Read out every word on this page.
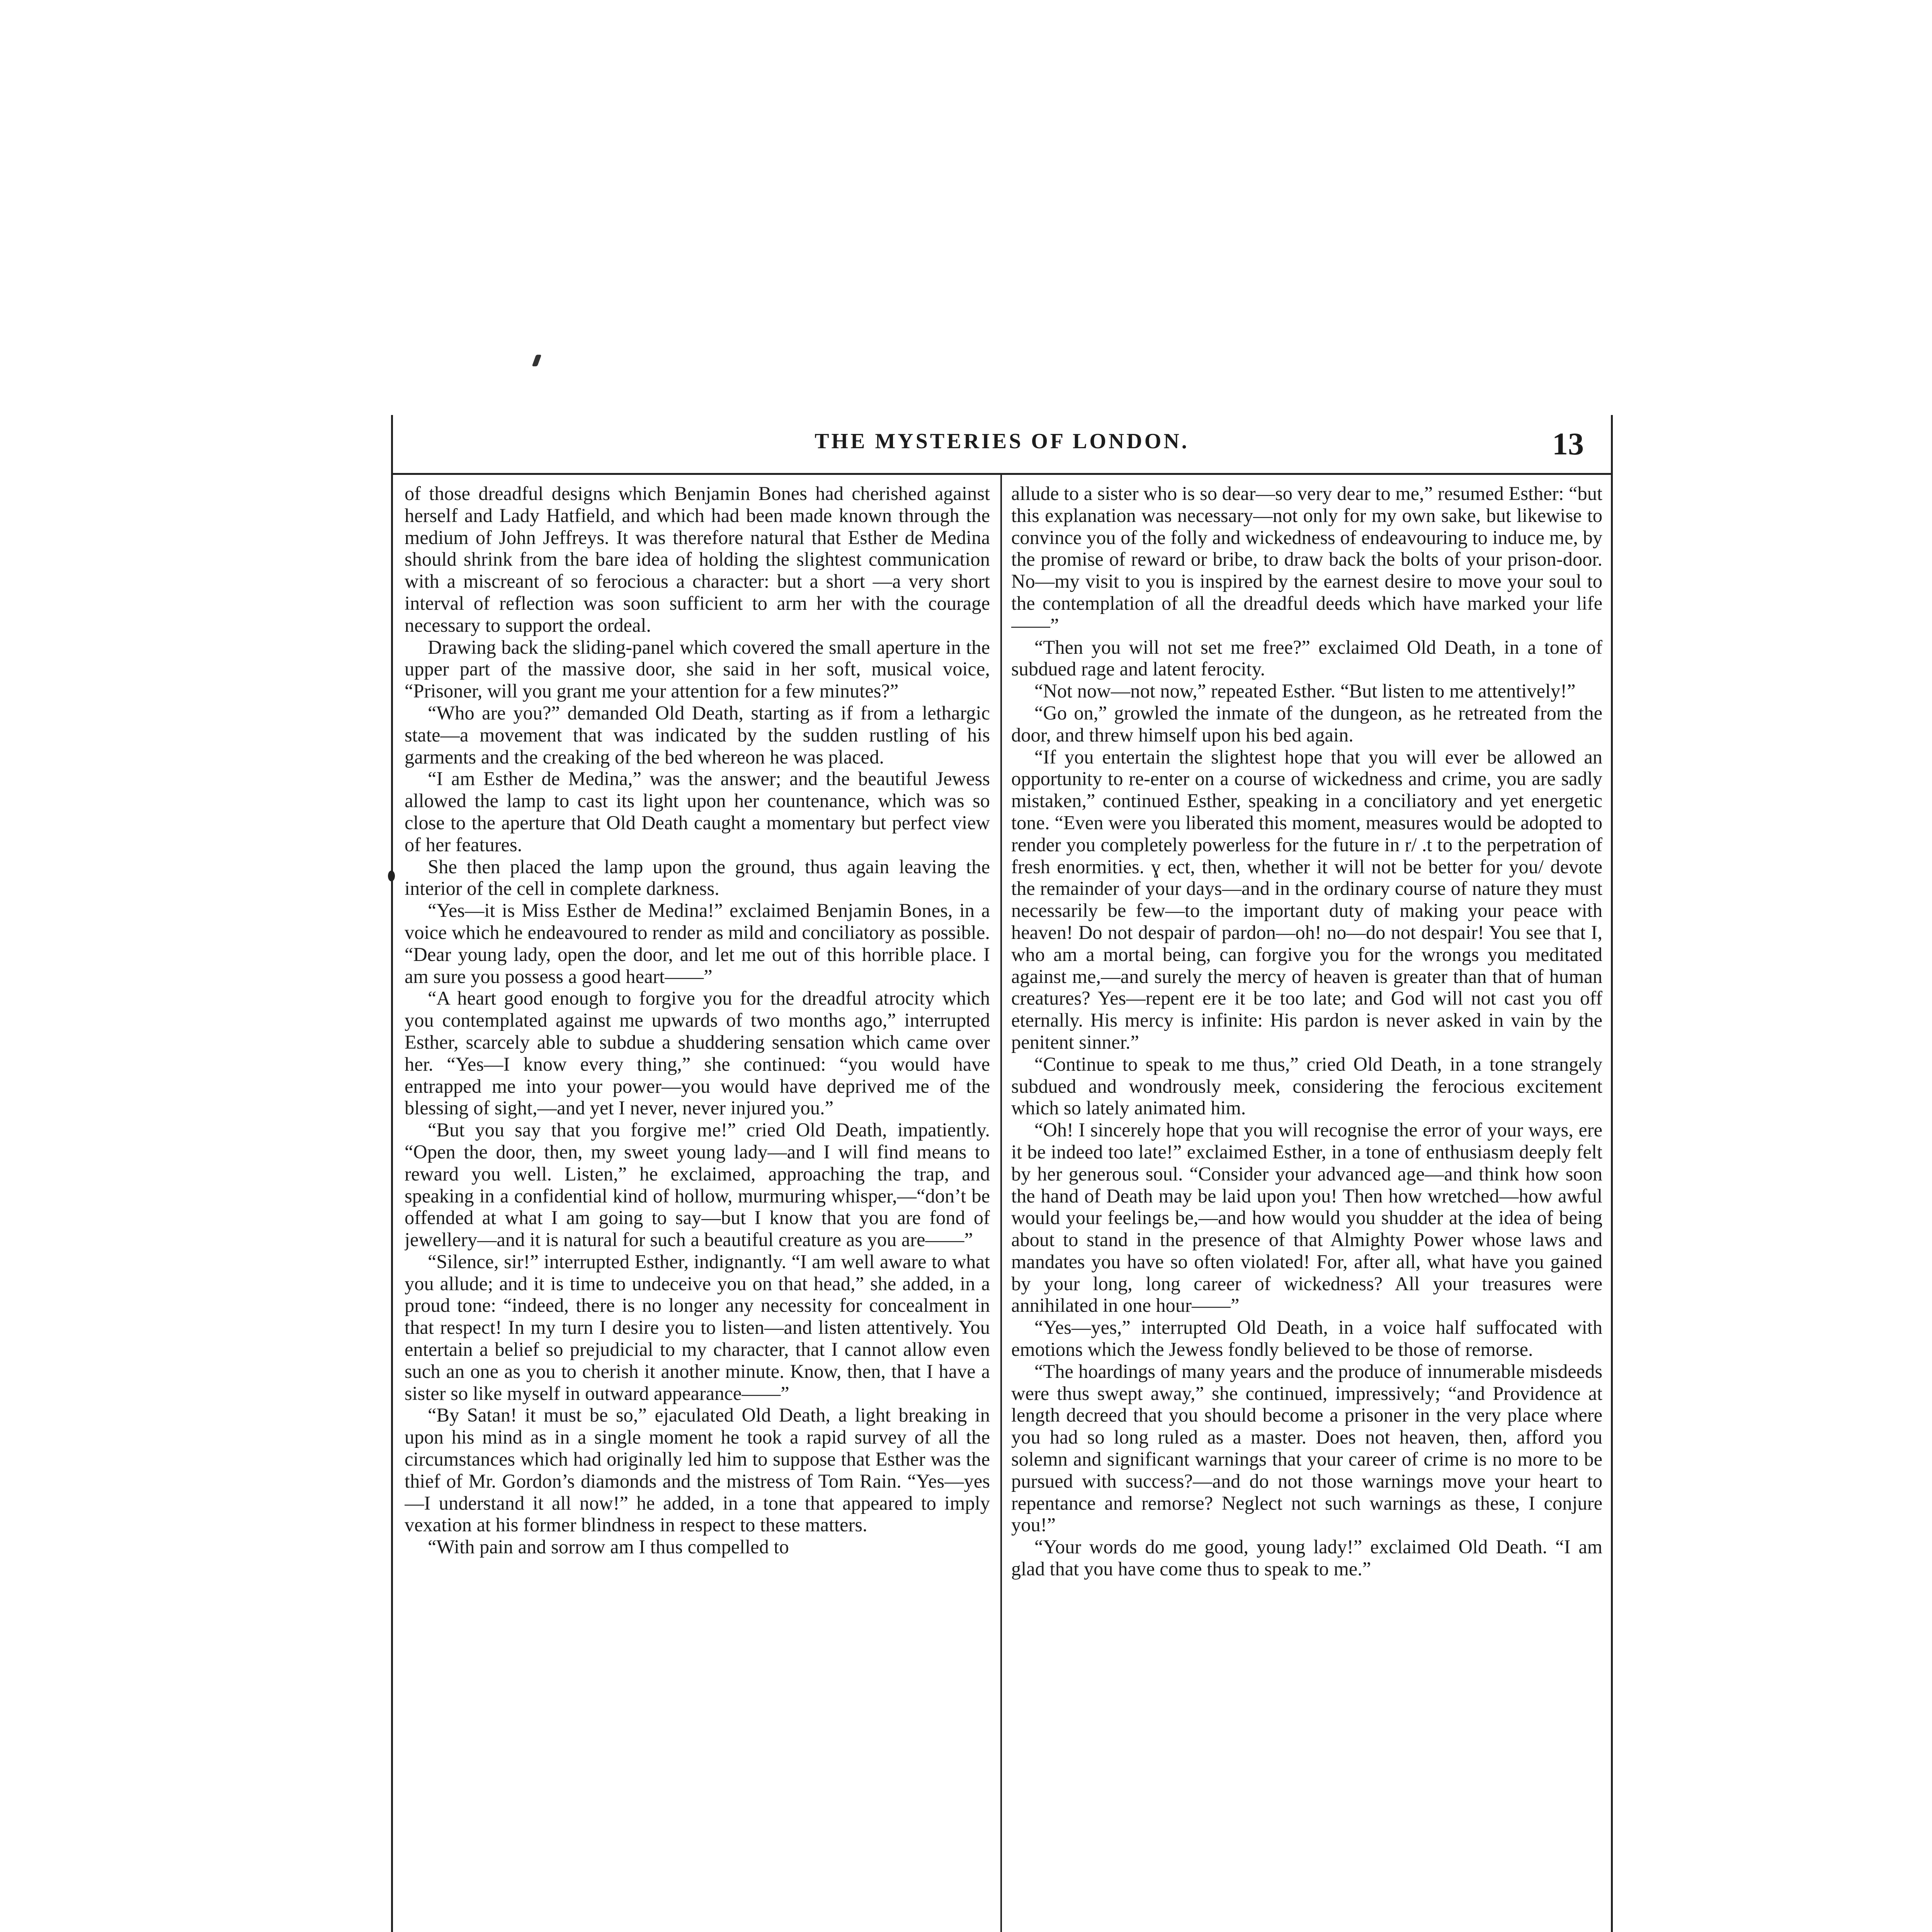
THE MYSTERIES OF LONDON.	13

of those dreadful designs which Benjamin Bones had cherished against herself and Lady Hatfield, and which had been made known through the medium of John Jeffreys. It was therefore natural that Esther de Medina should shrink from the bare idea of holding the slightest communication with a miscreant of so ferocious a character: but a short —a very short interval of reflection was soon sufficient to arm her with the courage necessary to support the ordeal.

Drawing back the sliding-panel which covered the small aperture in the upper part of the massive door, she said in her soft, musical voice, “Prisoner, will you grant me your attention for a few minutes?”

“Who are you?” demanded Old Death, starting as if from a lethargic state—a movement that was indicated by the sudden rustling of his garments and the creaking of the bed whereon he was placed.

“I am Esther de Medina,” was the answer; and the beautiful Jewess allowed the lamp to cast its light upon her countenance, which was so close to the aperture that Old Death caught a momentary but perfect view of her features.

She then placed the lamp upon the ground, thus again leaving the interior of the cell in complete darkness.

“Yes—it is Miss Esther de Medina!” exclaimed Benjamin Bones, in a voice which he endeavoured to render as mild and conciliatory as possible. “Dear young lady, open the door, and let me out of this horrible place. I am sure you possess a good heart——”

“A heart good enough to forgive you for the dreadful atrocity which you contemplated against me upwards of two months ago,” interrupted Esther, scarcely able to subdue a shuddering sensation which came over her. “Yes—I know every thing,” she continued: “you would have entrapped me into your power—you would have deprived me of the blessing of sight,—and yet I never, never injured you.”

“But you say that you forgive me!” cried Old Death, impatiently. “Open the door, then, my sweet young lady—and I will find means to reward you well. Listen,” he exclaimed, approaching the trap, and speaking in a confidential kind of hollow, murmuring whisper,—“don’t be offended at what I am going to say—but I know that you are fond of jewellery—and it is natural for such a beautiful creature as you are——”

“Silence, sir!” interrupted Esther, indignantly. “I am well aware to what you allude; and it is time to undeceive you on that head,” she added, in a proud tone: “indeed, there is no longer any necessity for concealment in that respect! In my turn I desire you to listen—and listen attentively. You entertain a belief so prejudicial to my character, that I cannot allow even such an one as you to cherish it another minute. Know, then, that I have a sister so like myself in outward appearance——”

“By Satan! it must be so,” ejaculated Old Death, a light breaking in upon his mind as in a single moment he took a rapid survey of all the circumstances which had originally led him to suppose that Esther was the thief of Mr. Gordon’s diamonds and the mistress of Tom Rain. “Yes—yes—I understand it all now!” he added, in a tone that appeared to imply vexation at his former blindness in respect to these matters.

“With pain and sorrow am I thus compelled to

allude to a sister who is so dear—so very dear to me,” resumed Esther: “but this explanation was necessary—not only for my own sake, but likewise to convince you of the folly and wickedness of endeavouring to induce me, by the promise of reward or bribe, to draw back the bolts of your prison-door. No—my visit to you is inspired by the earnest desire to move your soul to the contemplation of all the dreadful deeds which have marked your life——”

“Then you will not set me free?” exclaimed Old Death, in a tone of subdued rage and latent ferocity.

“Not now—not now,” repeated Esther. “But listen to me attentively!”

“Go on,” growled the inmate of the dungeon, as he retreated from the door, and threw himself upon his bed again.

“If you entertain the slightest hope that you will ever be allowed an opportunity to re-enter on a course of wickedness and crime, you are sadly mistaken,” continued Esther, speaking in a conciliatory and yet energetic tone. “Even were you liberated this moment, measures would be adopted to render you completely powerless for the future in r/ .t to the perpetration of fresh enormities. ɣ ect, then, whether it will not be better for you/ devote the remainder of your days—and in the ordinary course of nature they must necessarily be few—to the important duty of making your peace with heaven! Do not despair of pardon—oh! no—do not despair! You see that I, who am a mortal being, can forgive you for the wrongs you meditated against me,—and surely the mercy of heaven is greater than that of human creatures? Yes—repent ere it be too late; and God will not cast you off eternally. His mercy is infinite: His pardon is never asked in vain by the penitent sinner.”

“Continue to speak to me thus,” cried Old Death, in a tone strangely subdued and wondrously meek, considering the ferocious excitement which so lately animated him.

“Oh! I sincerely hope that you will recognise the error of your ways, ere it be indeed too late!” exclaimed Esther, in a tone of enthusiasm deeply felt by her generous soul. “Consider your advanced age—and think how soon the hand of Death may be laid upon you! Then how wretched—how awful would your feelings be,—and how would you shudder at the idea of being about to stand in the presence of that Almighty Power whose laws and mandates you have so often violated! For, after all, what have you gained by your long, long career of wickedness? All your treasures were annihilated in one hour——”

“Yes—yes,” interrupted Old Death, in a voice half suffocated with emotions which the Jewess fondly believed to be those of remorse.

“The hoardings of many years and the produce of innumerable misdeeds were thus swept away,” she continued, impressively; “and Providence at length decreed that you should become a prisoner in the very place where you had so long ruled as a master. Does not heaven, then, afford you solemn and significant warnings that your career of crime is no more to be pursued with success?—and do not those warnings move your heart to repentance and remorse? Neglect not such warnings as these, I conjure you!”

“Your words do me good, young lady!” exclaimed Old Death. “I am glad that you have come thus to speak to me.”
